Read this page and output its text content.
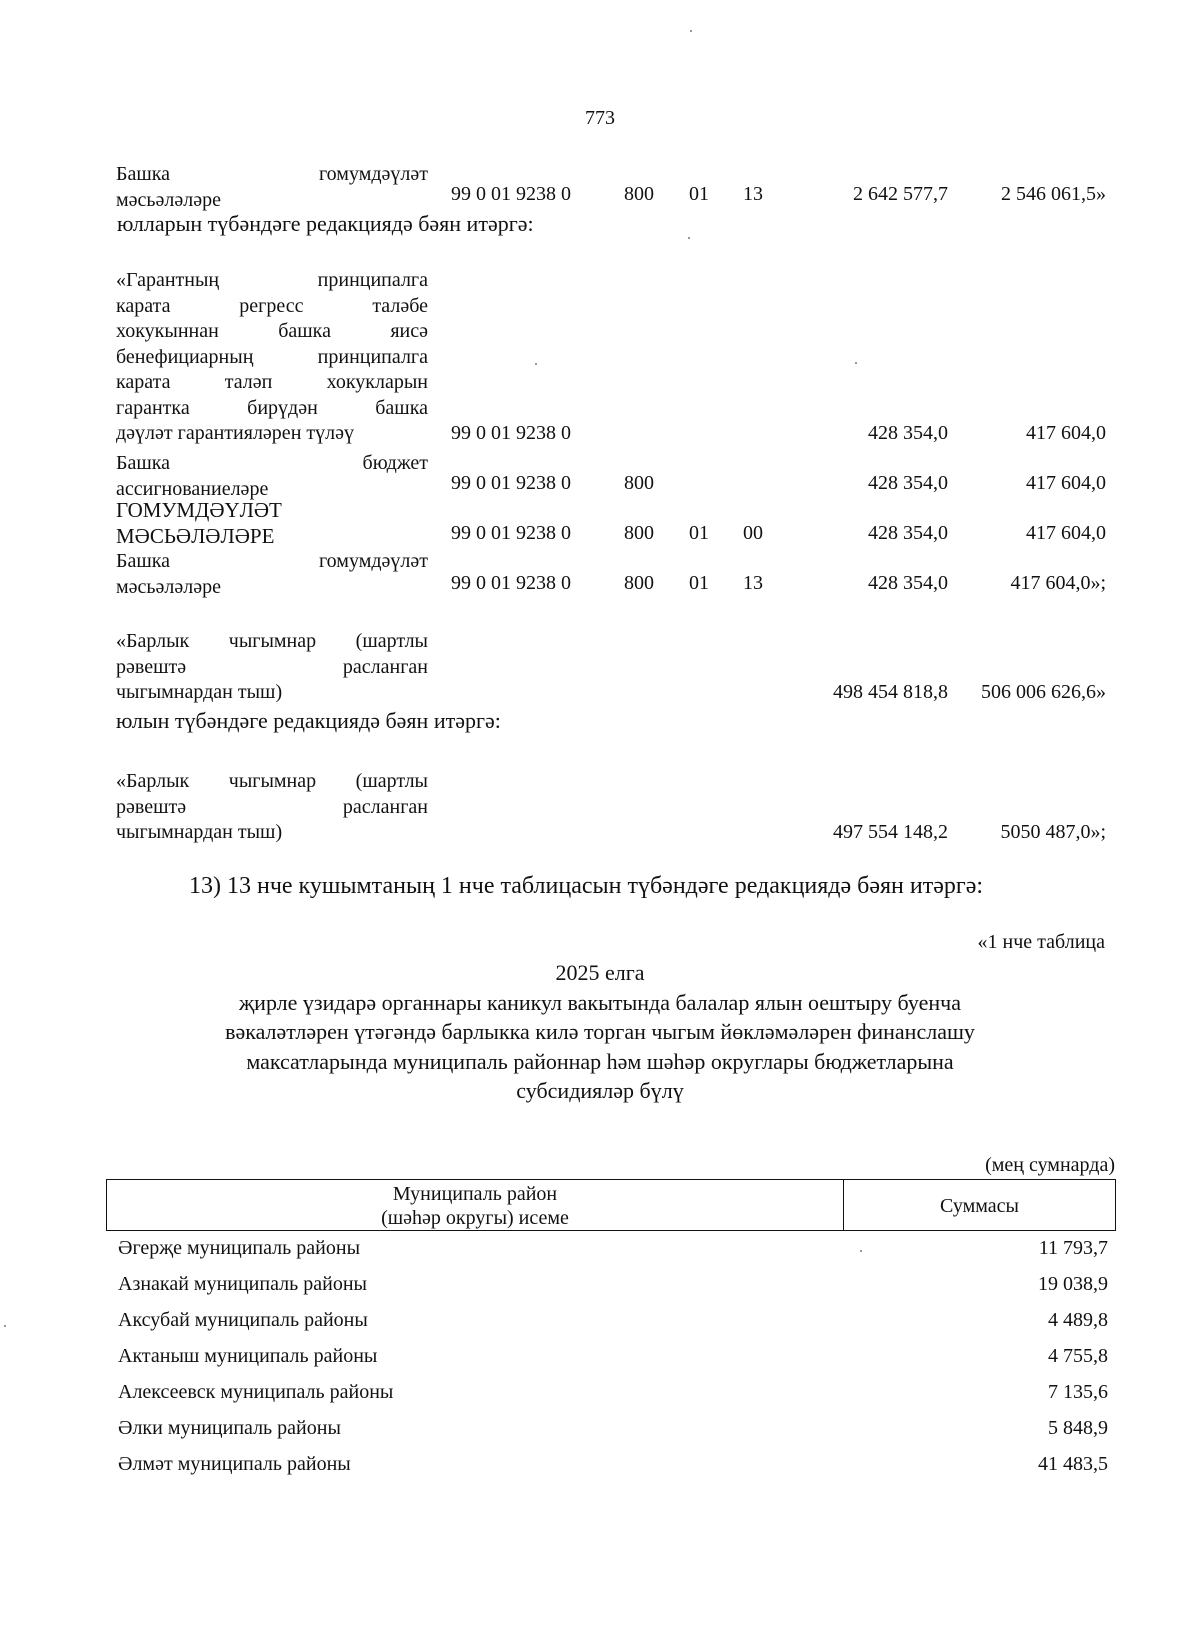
773
Башка гомумдәүләт
мәсьәләләре	99 0 01 9238 0	800 01 13	2 642 577,7	2 546 061,5»
юлларын түбәндәге редакциядә бәян итәргә:
«Гарантның принципалга
карата регресс таләбе
хокукыннан башка яисә
бенефициарның принципалга
карата таләп хокукларын
гарантка бирүдән башка
дәүләт гарантияләрен түләү	99 0 01 9238 0	428 354,0	417 604,0
Башка бюджет
ассигнованиеләре	99 0 01 9238 0	800	428 354,0	417 604,0
ГОМУМДӘҮЛӘТ
МӘСЬӘЛӘЛӘРЕ	99 0 01 9238 0	800 01 00	428 354,0	417 604,0
Башка гомумдәүләт
мәсьәләләре	99 0 01 9238 0	800 01 13	428 354,0	417 604,0»;
«Барлык чыгымнар (шартлы
рәвештә расланган
чыгымнардан тыш)	498 454 818,8	506 006 626,6»
юлын түбәндәге редакциядә бәян итәргә:
«Барлык чыгымнар (шартлы
рәвештә расланган
чыгымнардан тыш)	497 554 148,2	5050 487,0»;
13) 13 нче кушымтаның 1 нче таблицасын түбәндәге редакциядә бәян итәргә:
«1 нче таблица
2025 елга
җирле үзидарә органнары каникул вакытында балалар ялын оештыру буенча
вәкаләтләрен үтәгәндә барлыкка килә торган чыгым йөкләмәләрен финанслашу
максатларында муниципаль районнар һәм шәһәр округлары бюджетларына
субсидияләр бүлү
(мең сумнарда)
Муниципаль район
(шәһәр округы) исеме
Суммасы
Әгерҗе муниципаль районы	11 793,7
Азнакай муниципаль районы	19 038,9
Аксубай муниципаль районы	4 489,8
Актаныш муниципаль районы	4 755,8
Алексеевск муниципаль районы	7 135,6
Әлки муниципаль районы	5 848,9
Әлмәт муниципаль районы	41 483,5
